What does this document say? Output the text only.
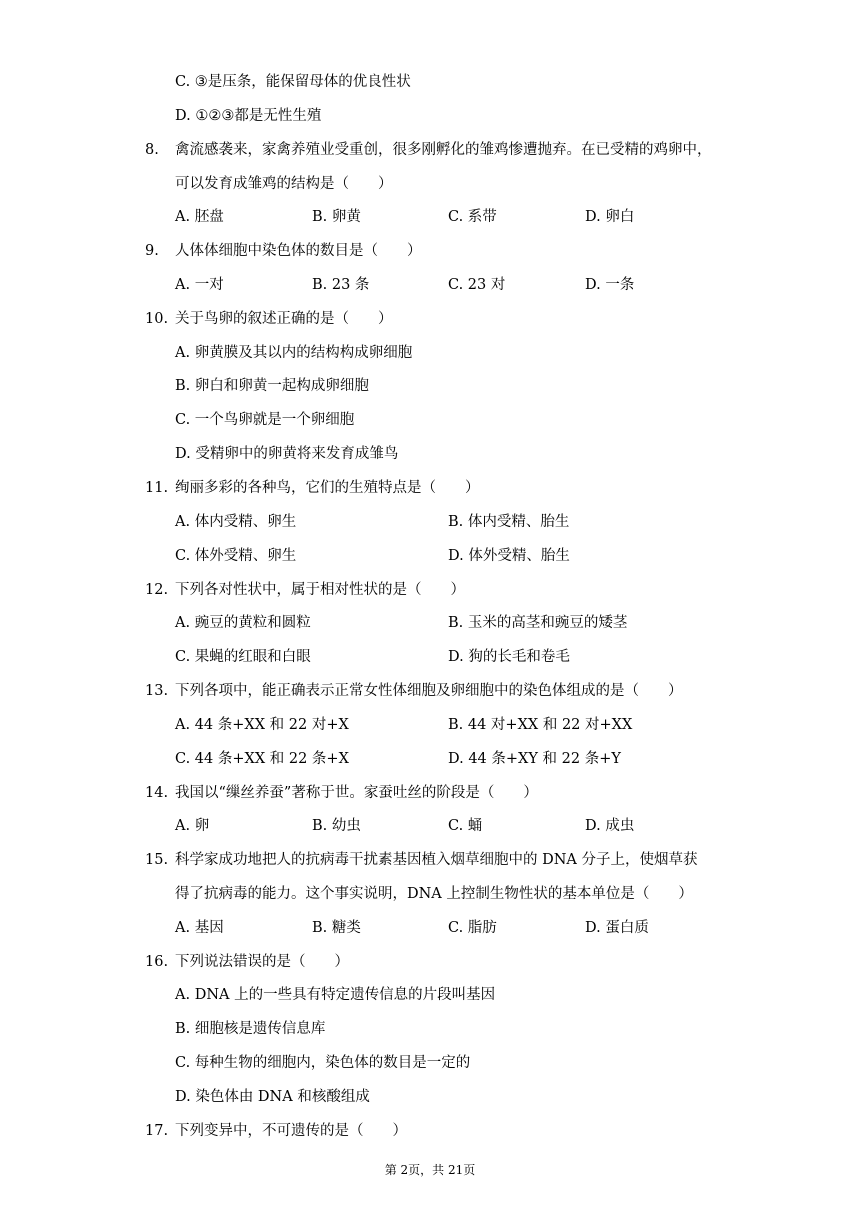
C. ③是压条，能保留母体的优良性状
D. ①②③都是无性生殖
8. 禽流感袭来，家禽养殖业受重创，很多刚孵化的雏鸡惨遭抛弃。在已受精的鸡卵中，
可以发育成雏鸡的结构是（　　）
A. 胚盘	B. 卵黄	C. 系带	D. 卵白
9. 人体体细胞中染色体的数目是（　　）
A. 一对	B. 23 条	C. 23 对	D. 一条
10. 关于鸟卵的叙述正确的是（　　）
A. 卵黄膜及其以内的结构构成卵细胞
B. 卵白和卵黄一起构成卵细胞
C. 一个鸟卵就是一个卵细胞
D. 受精卵中的卵黄将来发育成雏鸟
11. 绚丽多彩的各种鸟，它们的生殖特点是（　　）
A. 体内受精、卵生	B. 体内受精、胎生
C. 体外受精、卵生	D. 体外受精、胎生
12. 下列各对性状中，属于相对性状的是（　　）
A. 豌豆的黄粒和圆粒	B. 玉米的高茎和豌豆的矮茎
C. 果蝇的红眼和白眼	D. 狗的长毛和卷毛
13. 下列各项中，能正确表示正常女性体细胞及卵细胞中的染色体组成的是（　　）
A. 44 条+XX 和 22 对+X	B. 44 对+XX 和 22 对+XX
C. 44 条+XX 和 22 条+X	D. 44 条+XY 和 22 条+Y
14. 我国以“缫丝养蚕”著称于世。家蚕吐丝的阶段是（　　）
A. 卵	B. 幼虫	C. 蛹	D. 成虫
15. 科学家成功地把人的抗病毒干扰素基因植入烟草细胞中的 DNA 分子上，使烟草获
得了抗病毒的能力。这个事实说明，DNA 上控制生物性状的基本单位是（　　）
A. 基因	B. 糖类	C. 脂肪	D. 蛋白质
16. 下列说法错误的是（　　）
A. DNA 上的一些具有特定遗传信息的片段叫基因
B. 细胞核是遗传信息库
C. 每种生物的细胞内，染色体的数目是一定的
D. 染色体由 DNA 和核酸组成
17. 下列变异中，不可遗传的是（　　）
第 2页，共 21页
